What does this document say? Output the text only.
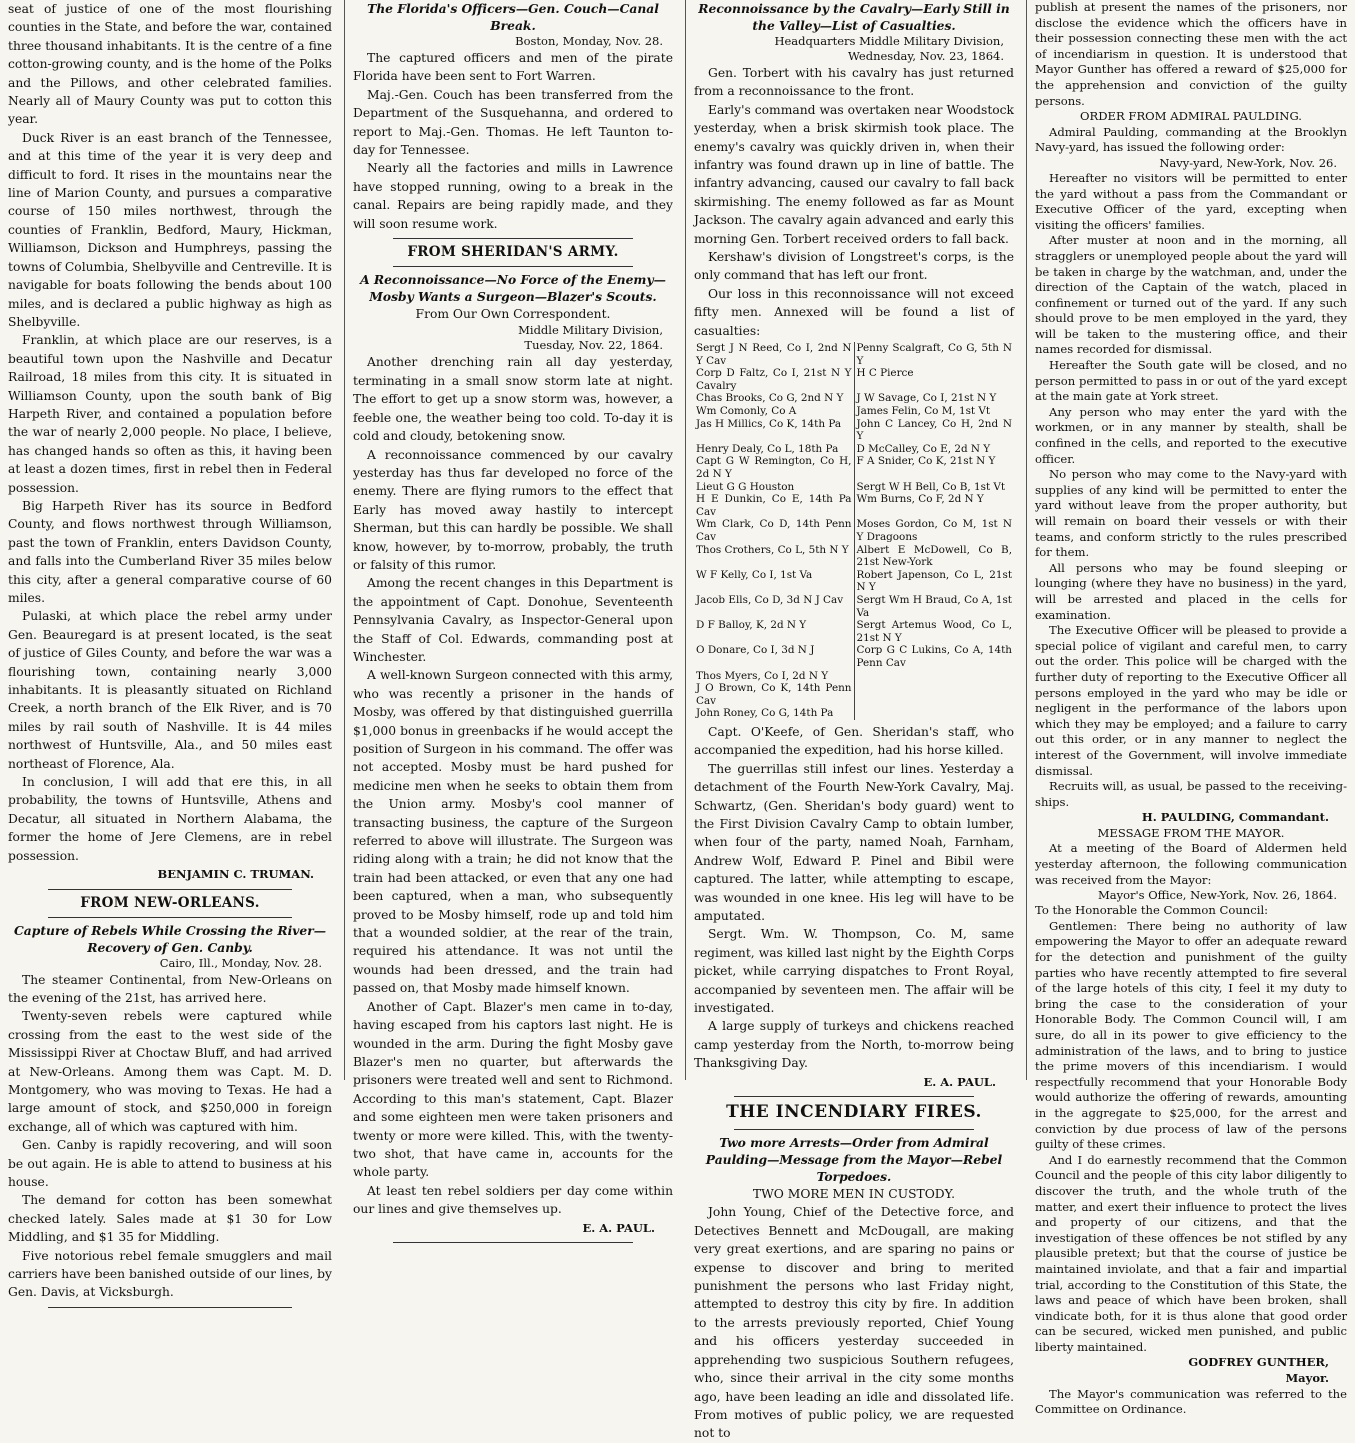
seat of justice of one of the most flourishing counties in the State, and before the war, contained three thousand inhabitants. It is the centre of a fine cotton-growing county, and is the home of the Polks and the Pillows, and other celebrated families. Nearly all of Maury County was put to cotton this year.

Duck River is an east branch of the Tennessee, and at this time of the year it is very deep and difficult to ford. It rises in the mountains near the line of Marion County, and pursues a comparative course of 150 miles northwest, through the counties of Franklin, Bedford, Maury, Hickman, Williamson, Dickson and Humphreys, passing the towns of Columbia, Shelbyville and Centreville. It is navigable for boats following the bends about 100 miles, and is declared a public highway as high as Shelbyville.

Franklin, at which place are our reserves, is a beautiful town upon the Nashville and Decatur Railroad, 18 miles from this city. It is situated in Williamson County, upon the south bank of Big Harpeth River, and contained a population before the war of nearly 2,000 people. No place, I believe, has changed hands so often as this, it having been at least a dozen times, first in rebel then in Federal possession.

Big Harpeth River has its source in Bedford County, and flows northwest through Williamson, past the town of Franklin, enters Davidson County, and falls into the Cumberland River 35 miles below this city, after a general comparative course of 60 miles.

Pulaski, at which place the rebel army under Gen. Beauregard is at present located, is the seat of justice of Giles County, and before the war was a flourishing town, containing nearly 3,000 inhabitants. It is pleasantly situated on Richland Creek, a north branch of the Elk River, and is 70 miles by rail south of Nashville. It is 44 miles northwest of Huntsville, Ala., and 50 miles east northeast of Florence, Ala.

In conclusion, I will add that ere this, in all probability, the towns of Huntsville, Athens and Decatur, all situated in Northern Alabama, the former the home of Jere Clemens, are in rebel possession.

BENJAMIN C. TRUMAN.
FROM NEW-ORLEANS.
Capture of Rebels While Crossing the River—Recovery of Gen. Canby.
Cairo, Ill., Monday, Nov. 28.

The steamer Continental, from New-Orleans on the evening of the 21st, has arrived here.

Twenty-seven rebels were captured while crossing from the east to the west side of the Mississippi River at Choctaw Bluff, and had arrived at New-Orleans. Among them was Capt. M. D. Montgomery, who was moving to Texas. He had a large amount of stock, and $250,000 in foreign exchange, all of which was captured with him.

Gen. Canby is rapidly recovering, and will soon be out again. He is able to attend to business at his house.

The demand for cotton has been somewhat checked lately. Sales made at $1 30 for Low Middling, and $1 35 for Middling.

Five notorious rebel female smugglers and mail carriers have been banished outside of our lines, by Gen. Davis, at Vicksburgh.

The Florida's Officers—Gen. Couch—Canal Break.
Boston, Monday, Nov. 28.

The captured officers and men of the pirate Florida have been sent to Fort Warren.

Maj.-Gen. Couch has been transferred from the Department of the Susquehanna, and ordered to report to Maj.-Gen. Thomas. He left Taunton to-day for Tennessee.

Nearly all the factories and mills in Lawrence have stopped running, owing to a break in the canal. Repairs are being rapidly made, and they will soon resume work.

FROM SHERIDAN'S ARMY.
A Reconnoissance—No Force of the Enemy—Mosby Wants a Surgeon—Blazer's Scouts.

From Our Own Correspondent.

Middle Military Division,
Tuesday, Nov. 22, 1864.

Another drenching rain all day yesterday, terminating in a small snow storm late at night. The effort to get up a snow storm was, however, a feeble one, the weather being too cold. To-day it is cold and cloudy, betokening snow.

A reconnoissance commenced by our cavalry yesterday has thus far developed no force of the enemy. There are flying rumors to the effect that Early has moved away hastily to intercept Sherman, but this can hardly be possible. We shall know, however, by to-morrow, probably, the truth or falsity of this rumor.

Among the recent changes in this Department is the appointment of Capt. Donohue, Seventeenth Pennsylvania Cavalry, as Inspector-General upon the Staff of Col. Edwards, commanding post at Winchester.

A well-known Surgeon connected with this army, who was recently a prisoner in the hands of Mosby, was offered by that distinguished guerrilla $1,000 bonus in greenbacks if he would accept the position of Surgeon in his command. The offer was not accepted. Mosby must be hard pushed for medicine men when he seeks to obtain them from the Union army. Mosby's cool manner of transacting business, the capture of the Surgeon referred to above will illustrate. The Surgeon was riding along with a train; he did not know that the train had been attacked, or even that any one had been captured, when a man, who subsequently proved to be Mosby himself, rode up and told him that a wounded soldier, at the rear of the train, required his attendance. It was not until the wounds had been dressed, and the train had passed on, that Mosby made himself known.

Another of Capt. Blazer's men came in to-day, having escaped from his captors last night. He is wounded in the arm. During the fight Mosby gave Blazer's men no quarter, but afterwards the prisoners were treated well and sent to Richmond. According to this man's statement, Capt. Blazer and some eighteen men were taken prisoners and twenty or more were killed. This, with the twenty-two shot, that have came in, accounts for the whole party.

At least ten rebel soldiers per day come within our lines and give themselves up.

E. A. PAUL.
Reconnoissance by the Cavalry—Early Still in the Valley—List of Casualties.
Headquarters Middle Military Division,
Wednesday, Nov. 23, 1864.

Gen. Torbert with his cavalry has just returned from a reconnoissance to the front.

Early's command was overtaken near Woodstock yesterday, when a brisk skirmish took place. The enemy's cavalry was quickly driven in, when their infantry was found drawn up in line of battle. The infantry advancing, caused our cavalry to fall back skirmishing. The enemy followed as far as Mount Jackson. The cavalry again advanced and early this morning Gen. Torbert received orders to fall back.

Kershaw's division of Longstreet's corps, is the only command that has left our front.

Our loss in this reconnoissance will not exceed fifty men. Annexed will be found a list of casualties:

Sergt J N Reed, Co I, 2nd N Y Cav	Penny Scalgraft, Co G, 5th N Y
Corp D Faltz, Co I, 21st N Y Cavalry	H C Pierce
Chas Brooks, Co G, 2nd N Y	J W Savage, Co I, 21st N Y
Wm Comonly, Co A	James Felin, Co M, 1st Vt
Jas H Millics, Co K, 14th Pa	John C Lancey, Co H, 2nd N Y
Henry Dealy, Co L, 18th Pa	D McCalley, Co E, 2d N Y
Capt G W Remington, Co H, 2d N Y	F A Snider, Co K, 21st N Y
Lieut G G Houston	Sergt W H Bell, Co B, 1st Vt
H E Dunkin, Co E, 14th Pa Cav	Wm Burns, Co F, 2d N Y
Wm Clark, Co D, 14th Penn Cav	Moses Gordon, Co M, 1st N Y Dragoons
Thos Crothers, Co L, 5th N Y	Albert E McDowell, Co B, 21st New-York
W F Kelly, Co I, 1st Va	Robert Japenson, Co L, 21st N Y
Jacob Ells, Co D, 3d N J Cav	Sergt Wm H Braud, Co A, 1st Va
D F Balloy, K, 2d N Y	Sergt Artemus Wood, Co L, 21st N Y
O Donare, Co I, 3d N J	Corp G C Lukins, Co A, 14th Penn Cav
Thos Myers, Co I, 2d N Y	
J O Brown, Co K, 14th Penn Cav	
John Roney, Co G, 14th Pa	

Capt. O'Keefe, of Gen. Sheridan's staff, who accompanied the expedition, had his horse killed.

The guerrillas still infest our lines. Yesterday a detachment of the Fourth New-York Cavalry, Maj. Schwartz, (Gen. Sheridan's body guard) went to the First Division Cavalry Camp to obtain lumber, when four of the party, named Noah, Farnham, Andrew Wolf, Edward P. Pinel and Bibil were captured. The latter, while attempting to escape, was wounded in one knee. His leg will have to be amputated.

Sergt. Wm. W. Thompson, Co. M, same regiment, was killed last night by the Eighth Corps picket, while carrying dispatches to Front Royal, accompanied by seventeen men. The affair will be investigated.

A large supply of turkeys and chickens reached camp yesterday from the North, to-morrow being Thanksgiving Day.

E. A. PAUL.
THE INCENDIARY FIRES.
Two more Arrests—Order from Admiral Paulding—Message from the Mayor—Rebel Torpedoes.

TWO MORE MEN IN CUSTODY.

John Young, Chief of the Detective force, and Detectives Bennett and McDougall, are making very great exertions, and are sparing no pains or expense to discover and bring to merited punishment the persons who last Friday night, attempted to destroy this city by fire. In addition to the arrests previously reported, Chief Young and his officers yesterday succeeded in apprehending two suspicious Southern refugees, who, since their arrival in the city some months ago, have been leading an idle and dissolated life. From motives of public policy, we are requested not to

publish at present the names of the prisoners, nor disclose the evidence which the officers have in their possession connecting these men with the act of incendiarism in question. It is understood that Mayor Gunther has offered a reward of $25,000 for the apprehension and conviction of the guilty persons.

ORDER FROM ADMIRAL PAULDING.

Admiral Paulding, commanding at the Brooklyn Navy-yard, has issued the following order:

Navy-yard, New-York, Nov. 26.

Hereafter no visitors will be permitted to enter the yard without a pass from the Commandant or Executive Officer of the yard, excepting when visiting the officers' families.

After muster at noon and in the morning, all stragglers or unemployed people about the yard will be taken in charge by the watchman, and, under the direction of the Captain of the watch, placed in confinement or turned out of the yard. If any such should prove to be men employed in the yard, they will be taken to the mustering office, and their names recorded for dismissal.

Hereafter the South gate will be closed, and no person permitted to pass in or out of the yard except at the main gate at York street.

Any person who may enter the yard with the workmen, or in any manner by stealth, shall be confined in the cells, and reported to the executive officer.

No person who may come to the Navy-yard with supplies of any kind will be permitted to enter the yard without leave from the proper authority, but will remain on board their vessels or with their teams, and conform strictly to the rules prescribed for them.

All persons who may be found sleeping or lounging (where they have no business) in the yard, will be arrested and placed in the cells for examination.

The Executive Officer will be pleased to provide a special police of vigilant and careful men, to carry out the order. This police will be charged with the further duty of reporting to the Executive Officer all persons employed in the yard who may be idle or negligent in the performance of the labors upon which they may be employed; and a failure to carry out this order, or in any manner to neglect the interest of the Government, will involve immediate dismissal.

Recruits will, as usual, be passed to the receiving-ships.

H. PAULDING, Commandant.

MESSAGE FROM THE MAYOR.

At a meeting of the Board of Aldermen held yesterday afternoon, the following communication was received from the Mayor:

Mayor's Office, New-York, Nov. 26, 1864.

To the Honorable the Common Council:

Gentlemen: There being no authority of law empowering the Mayor to offer an adequate reward for the detection and punishment of the guilty parties who have recently attempted to fire several of the large hotels of this city, I feel it my duty to bring the case to the consideration of your Honorable Body. The Common Council will, I am sure, do all in its power to give efficiency to the administration of the laws, and to bring to justice the prime movers of this incendiarism. I would respectfully recommend that your Honorable Body would authorize the offering of rewards, amounting in the aggregate to $25,000, for the arrest and conviction by due process of law of the persons guilty of these crimes.

And I do earnestly recommend that the Common Council and the people of this city labor diligently to discover the truth, and the whole truth of the matter, and exert their influence to protect the lives and property of our citizens, and that the investigation of these offences be not stifled by any plausible pretext; but that the course of justice be maintained inviolate, and that a fair and impartial trial, according to the Constitution of this State, the laws and peace of which have been broken, shall vindicate both, for it is thus alone that good order can be secured, wicked men punished, and public liberty maintained.

GODFREY GUNTHER,
Mayor.

The Mayor's communication was referred to the Committee on Ordinance.
